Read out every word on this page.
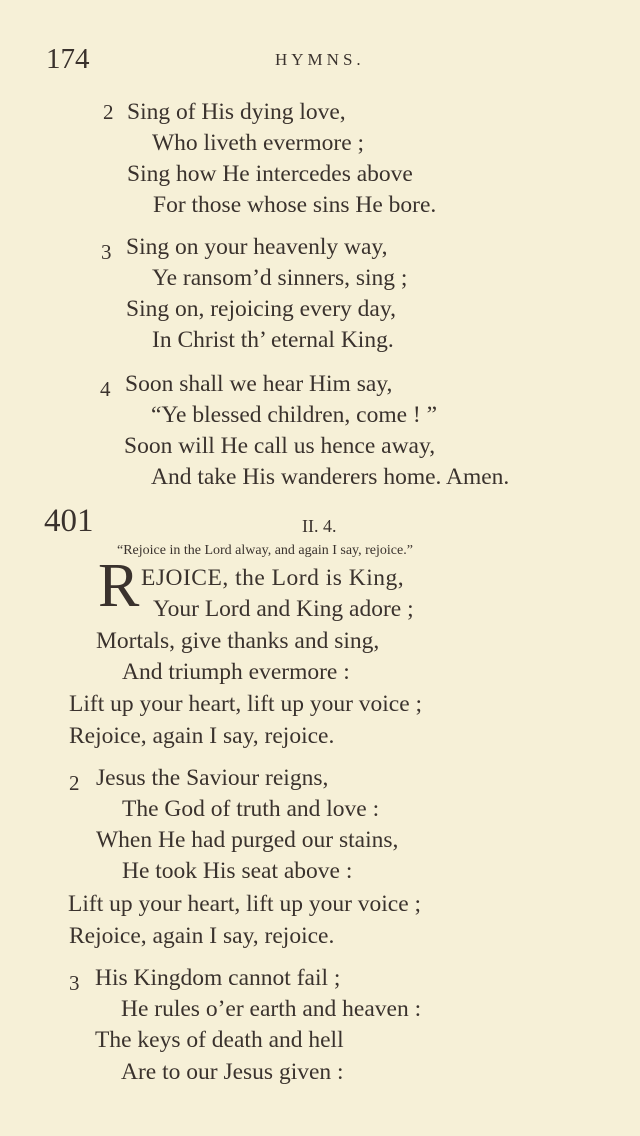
174	HYMNS.
2 Sing of His dying love,
Who liveth evermore ;
Sing how He intercedes above
For those whose sins He bore.
3 Sing on your heavenly way,
Ye ransom’d sinners, sing ;
Sing on, rejoicing every day,
In Christ th’ eternal King.
4 Soon shall we hear Him say,
“Ye blessed children, come ! ”
Soon will He call us hence away,
And take His wanderers home. Amen.
401	II. 4.
“Rejoice in the Lord alway, and again I say, rejoice.”
R EJOICE, the Lord is King,
Your Lord and King adore ;
Mortals, give thanks and sing,
And triumph evermore :
Lift up your heart, lift up your voice ;
Rejoice, again I say, rejoice.
2 Jesus the Saviour reigns,
The God of truth and love :
When He had purged our stains,
He took His seat above :
Lift up your heart, lift up your voice ;
Rejoice, again I say, rejoice.
3 His Kingdom cannot fail ;
He rules o’er earth and heaven :
The keys of death and hell
Are to our Jesus given :
